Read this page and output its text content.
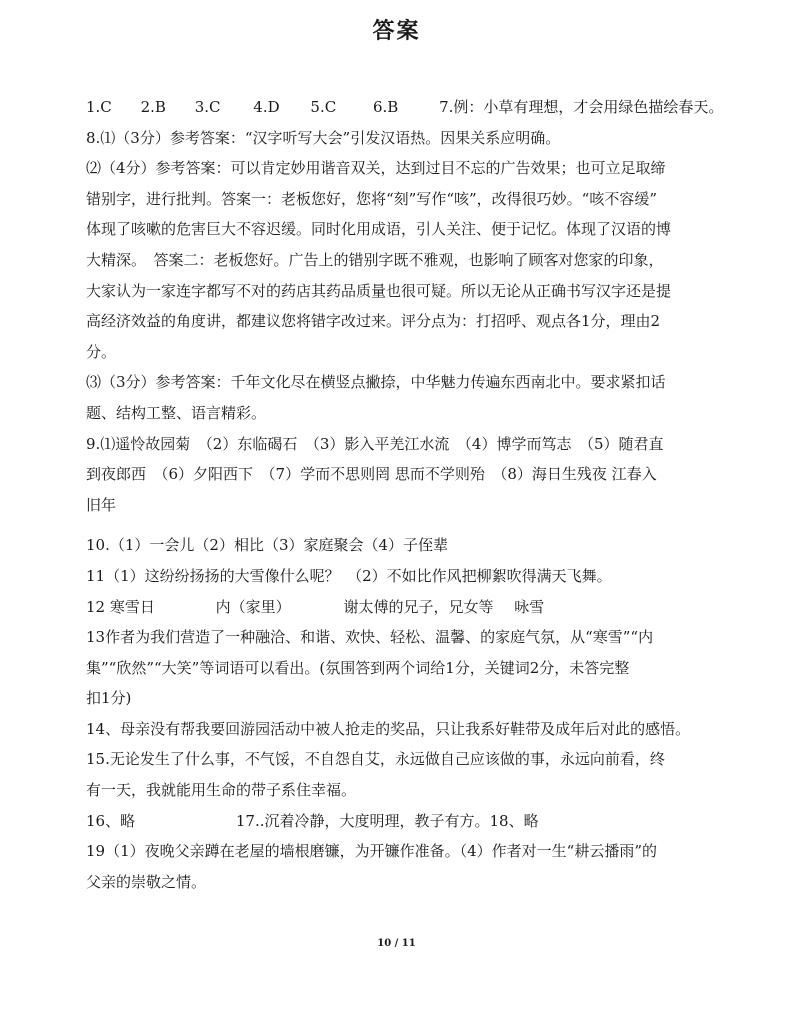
答案
1.C 2.B 3.C 4.D 5.C 6.B	7.例：小草有理想，才会用绿色描绘春天。
8.⑴（3分）参考答案：“汉字听写大会”引发汉语热。因果关系应明确。
⑵（4分）参考答案：可以肯定妙用谐音双关，达到过目不忘的广告效果；也可立足取缔
错别字，进行批判。答案一：老板您好，您将“刻”写作“咳”，改得很巧妙。“咳不容缓”
体现了咳嗽的危害巨大不容迟缓。同时化用成语，引人关注、便于记忆。体现了汉语的博
大精深。　答案二：老板您好。广告上的错别字既不雅观，也影响了顾客对您家的印象，
大家认为一家连字都写不对的药店其药品质量也很可疑。所以无论从正确书写汉字还是提
高经济效益的角度讲，都建议您将错字改过来。评分点为：打招呼、观点各1分，理由2
分。
⑶（3分）参考答案：千年文化尽在横竖点撇捺，中华魅力传遍东西南北中。要求紧扣话
题、结构工整、语言精彩。
9.⑴遥怜故园菊　（2）东临碣石　（3）影入平羌江水流　（4）博学而笃志　（5）随君直
到夜郎西　（6）夕阳西下　（7）学而不思则罔 思而不学则殆　（8）海日生残夜 江春入
旧年
10.（1）一会儿（2）相比（3）家庭聚会（4）子侄辈
11（1）这纷纷扬扬的大雪像什么呢？　（2）不如比作风把柳絮吹得满天飞舞。
12 寒雪日	内（家里）	谢太傅的兄子，兄女等 咏雪
13作者为我们营造了一种融洽、和谐、欢快、轻松、温馨、的家庭气氛，从“寒雪”“内
集”“欣然”“大笑”等词语可以看出。(氛围答到两个词给1分，关键词2分，未答完整
扣1分)
14、母亲没有帮我要回游园活动中被人抢走的奖品，只让我系好鞋带及成年后对此的感悟。
15.无论发生了什么事，不气馁，不自怨自艾，永远做自己应该做的事，永远向前看，终
有一天，我就能用生命的带子系住幸福。
16、略	17..沉着冷静，大度明理，教子有方。18、略
19（1）夜晚父亲蹲在老屋的墙根磨镰，为开镰作准备。（4）作者对一生“耕云播雨”的
父亲的崇敬之情。
10 / 11
